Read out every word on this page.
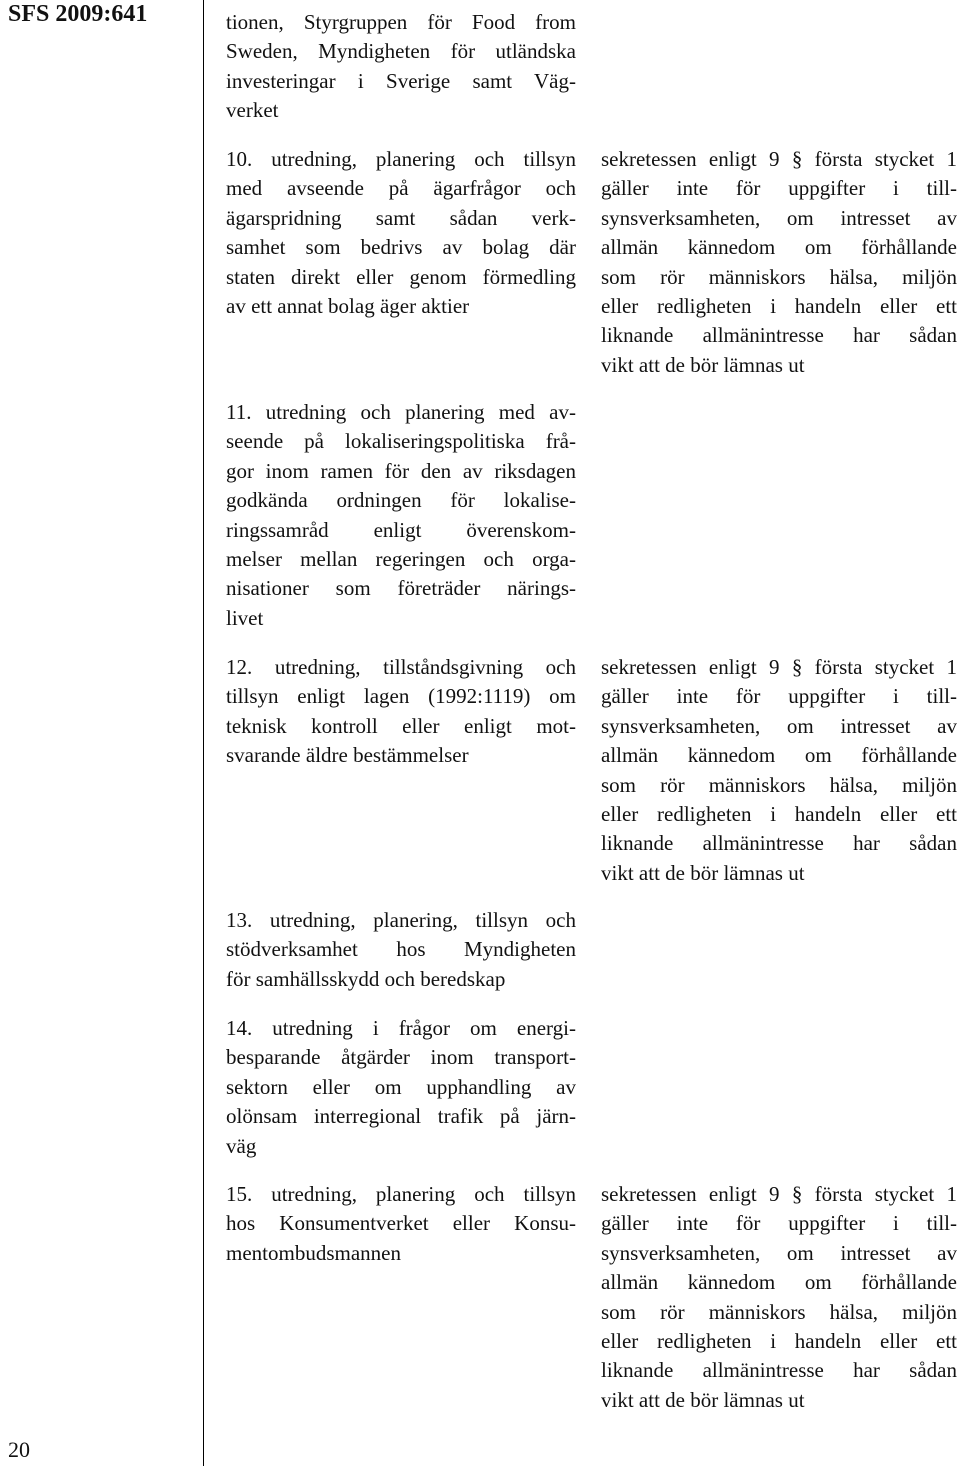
SFS 2009:641
20
tionen, Styrgruppen för Food from
Sweden, Myndigheten för utländska
investeringar i Sverige samt Väg-
verket
10. utredning, planering och tillsyn
med avseende på ägarfrågor och
ägarspridning samt sådan verk-
samhet som bedrivs av bolag där
staten direkt eller genom förmedling
av ett annat bolag äger aktier
11. utredning och planering med av-
seende på lokaliseringspolitiska frå-
gor inom ramen för den av riksdagen
godkända ordningen för lokalise-
ringssamråd enligt överenskom-
melser mellan regeringen och orga-
nisationer som företräder närings-
livet
12. utredning, tillståndsgivning och
tillsyn enligt lagen (1992:1119) om
teknisk kontroll eller enligt mot-
svarande äldre bestämmelser
13. utredning, planering, tillsyn och
stödverksamhet hos Myndigheten
för samhällsskydd och beredskap
14. utredning i frågor om energi-
besparande åtgärder inom transport-
sektorn eller om upphandling av
olönsam interregional trafik på järn-
väg
15. utredning, planering och tillsyn
hos Konsumentverket eller Konsu-
mentombudsmannen
sekretessen enligt 9 § första stycket 1
gäller inte för uppgifter i till-
synsverksamheten, om intresset av
allmän kännedom om förhållande
som rör människors hälsa, miljön
eller redligheten i handeln eller ett
liknande allmänintresse har sådan
vikt att de bör lämnas ut
sekretessen enligt 9 § första stycket 1
gäller inte för uppgifter i till-
synsverksamheten, om intresset av
allmän kännedom om förhållande
som rör människors hälsa, miljön
eller redligheten i handeln eller ett
liknande allmänintresse har sådan
vikt att de bör lämnas ut
sekretessen enligt 9 § första stycket 1
gäller inte för uppgifter i till-
synsverksamheten, om intresset av
allmän kännedom om förhållande
som rör människors hälsa, miljön
eller redligheten i handeln eller ett
liknande allmänintresse har sådan
vikt att de bör lämnas ut
